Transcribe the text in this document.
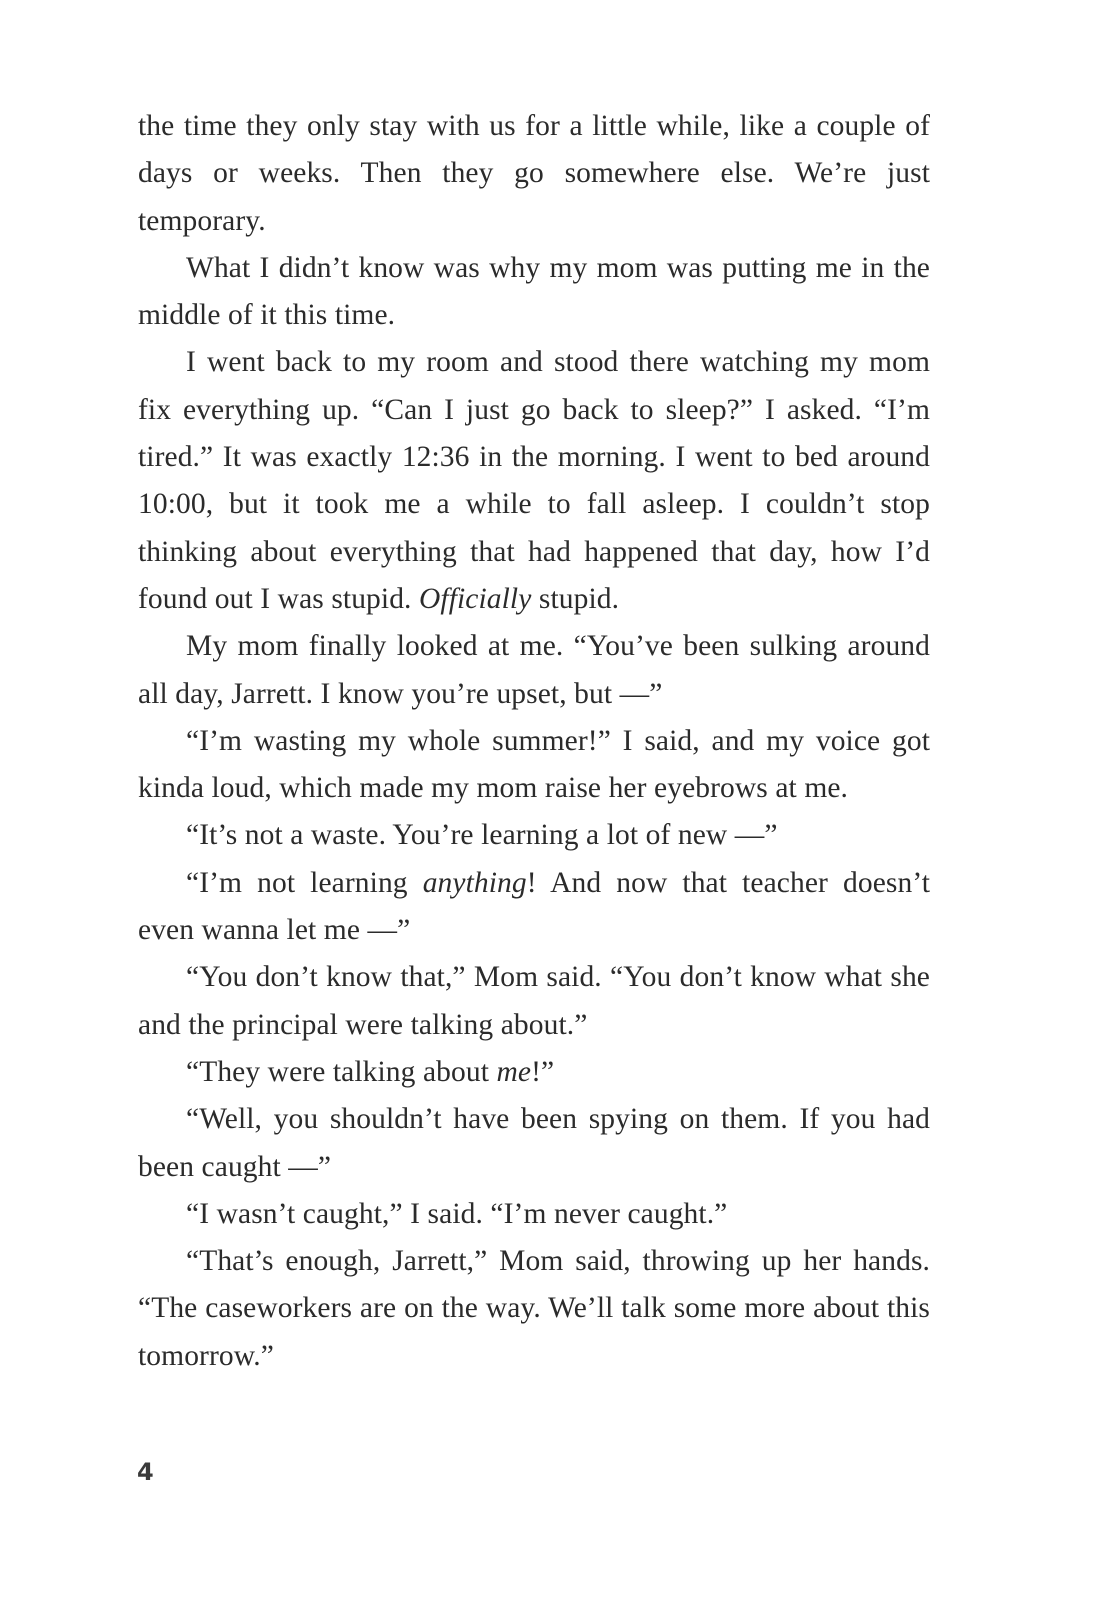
the time they only stay with us for a little while, like a couple of days or weeks. Then they go somewhere else. We’re just temporary.

What I didn’t know was why my mom was putting me in the middle of it this time.

I went back to my room and stood there watching my mom fix everything up. “Can I just go back to sleep?” I asked. “I’m tired.” It was exactly 12:36 in the morning. I went to bed around 10:00, but it took me a while to fall asleep. I couldn’t stop thinking about everything that had happened that day, how I’d found out I was stupid. Officially stupid.

My mom finally looked at me. “You’ve been sulking around all day, Jarrett. I know you’re upset, but —”

“I’m wasting my whole summer!” I said, and my voice got kinda loud, which made my mom raise her eyebrows at me.

“It’s not a waste. You’re learning a lot of new —”

“I’m not learning anything! And now that teacher doesn’t even wanna let me —”

“You don’t know that,” Mom said. “You don’t know what she and the principal were talking about.”

“They were talking about me!”

“Well, you shouldn’t have been spying on them. If you had been caught —”

“I wasn’t caught,” I said. “I’m never caught.”

“That’s enough, Jarrett,” Mom said, throwing up her hands. “The caseworkers are on the way. We’ll talk some more about this tomorrow.”

4
